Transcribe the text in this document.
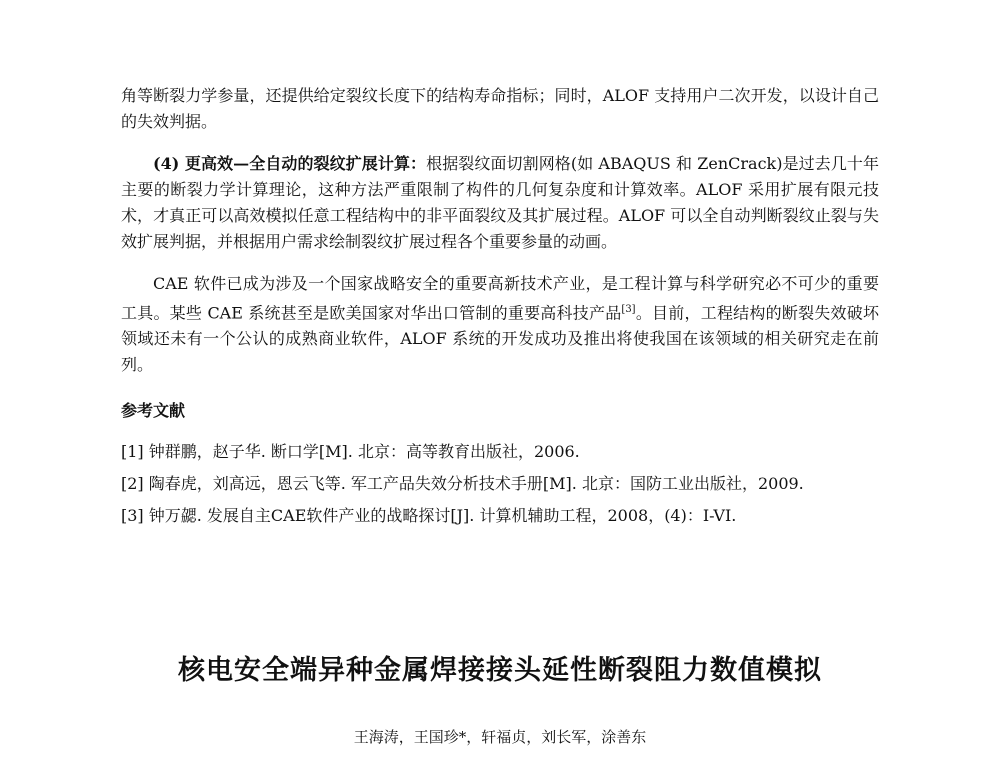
角等断裂力学参量，还提供给定裂纹长度下的结构寿命指标；同时，ALOF 支持用户二次开发，以设计自己的失效判据。

(4) 更高效—全自动的裂纹扩展计算：根据裂纹面切割网格(如 ABAQUS 和 ZenCrack)是过去几十年主要的断裂力学计算理论，这种方法严重限制了构件的几何复杂度和计算效率。ALOF 采用扩展有限元技术，才真正可以高效模拟任意工程结构中的非平面裂纹及其扩展过程。ALOF 可以全自动判断裂纹止裂与失效扩展判据，并根据用户需求绘制裂纹扩展过程各个重要参量的动画。

CAE 软件已成为涉及一个国家战略安全的重要高新技术产业，是工程计算与科学研究必不可少的重要工具。某些 CAE 系统甚至是欧美国家对华出口管制的重要高科技产品[3]。目前，工程结构的断裂失效破坏领域还未有一个公认的成熟商业软件，ALOF 系统的开发成功及推出将使我国在该领域的相关研究走在前列。

参考文献
[1] 钟群鹏，赵子华. 断口学[M]. 北京：高等教育出版社，2006.
[2] 陶春虎，刘高远，恩云飞等. 军工产品失效分析技术手册[M]. 北京：国防工业出版社，2009.
[3] 钟万勰. 发展自主CAE软件产业的战略探讨[J]. 计算机辅助工程，2008，(4)：I-VI.
核电安全端异种金属焊接接头延性断裂阻力数值模拟

王海涛，王国珍*，轩福贞，刘长军，涂善东
